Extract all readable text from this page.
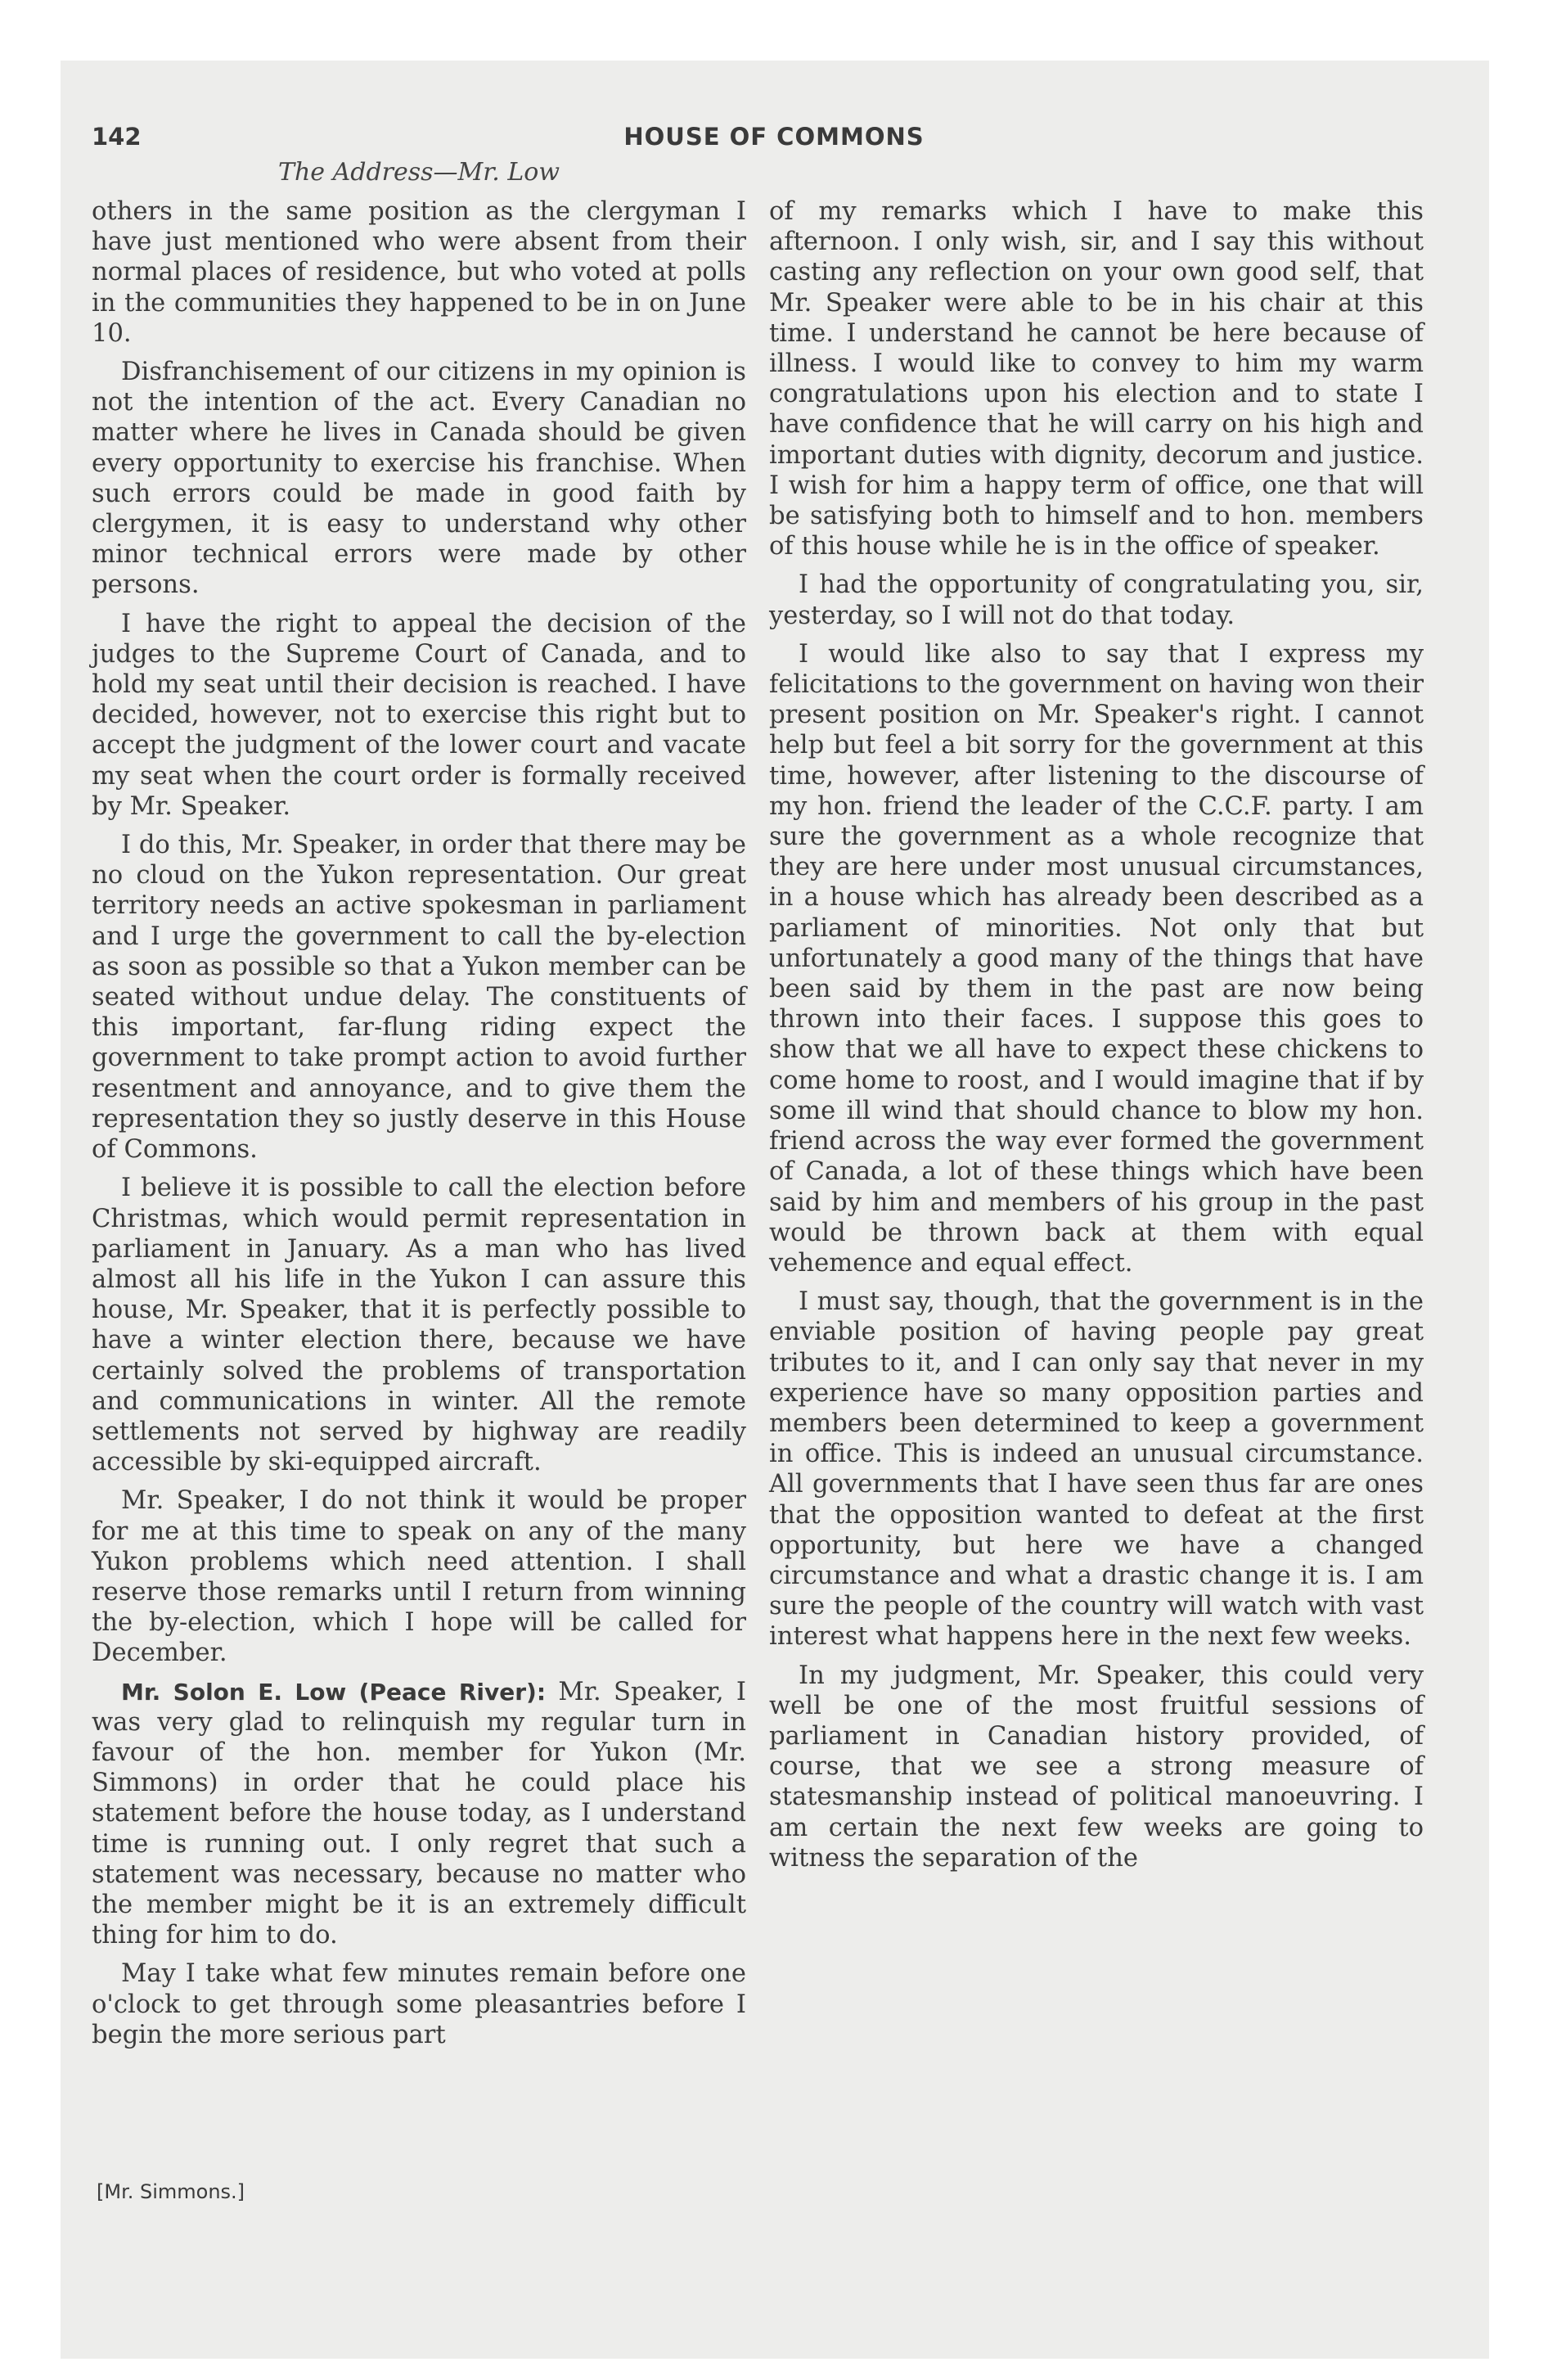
142	HOUSE OF COMMONS
The Address—Mr. Low

others in the same position as the clergyman I have just mentioned who were absent from their normal places of residence, but who voted at polls in the communities they happened to be in on June 10.

Disfranchisement of our citizens in my opinion is not the intention of the act. Every Canadian no matter where he lives in Canada should be given every opportunity to exercise his franchise. When such errors could be made in good faith by clergymen, it is easy to understand why other minor technical errors were made by other persons.

I have the right to appeal the decision of the judges to the Supreme Court of Canada, and to hold my seat until their decision is reached. I have decided, however, not to exercise this right but to accept the judgment of the lower court and vacate my seat when the court order is formally received by Mr. Speaker.

I do this, Mr. Speaker, in order that there may be no cloud on the Yukon representation. Our great territory needs an active spokesman in parliament and I urge the government to call the by-election as soon as possible so that a Yukon member can be seated without undue delay. The constituents of this important, far-flung riding expect the government to take prompt action to avoid further resentment and annoyance, and to give them the representation they so justly deserve in this House of Commons.

I believe it is possible to call the election before Christmas, which would permit representation in parliament in January. As a man who has lived almost all his life in the Yukon I can assure this house, Mr. Speaker, that it is perfectly possible to have a winter election there, because we have certainly solved the problems of transportation and communications in winter. All the remote settlements not served by highway are readily accessible by ski-equipped aircraft.

Mr. Speaker, I do not think it would be proper for me at this time to speak on any of the many Yukon problems which need attention. I shall reserve those remarks until I return from winning the by-election, which I hope will be called for December.

Mr. Solon E. Low (Peace River): Mr. Speaker, I was very glad to relinquish my regular turn in favour of the hon. member for Yukon (Mr. Simmons) in order that he could place his statement before the house today, as I understand time is running out. I only regret that such a statement was necessary, because no matter who the member might be it is an extremely difficult thing for him to do.

May I take what few minutes remain before one o'clock to get through some pleasantries before I begin the more serious part

of my remarks which I have to make this afternoon. I only wish, sir, and I say this without casting any reflection on your own good self, that Mr. Speaker were able to be in his chair at this time. I understand he cannot be here because of illness. I would like to convey to him my warm congratulations upon his election and to state I have confidence that he will carry on his high and important duties with dignity, decorum and justice. I wish for him a happy term of office, one that will be satisfying both to himself and to hon. members of this house while he is in the office of speaker.

I had the opportunity of congratulating you, sir, yesterday, so I will not do that today.

I would like also to say that I express my felicitations to the government on having won their present position on Mr. Speaker's right. I cannot help but feel a bit sorry for the government at this time, however, after listening to the discourse of my hon. friend the leader of the C.C.F. party. I am sure the government as a whole recognize that they are here under most unusual circumstances, in a house which has already been described as a parliament of minorities. Not only that but unfortunately a good many of the things that have been said by them in the past are now being thrown into their faces. I suppose this goes to show that we all have to expect these chickens to come home to roost, and I would imagine that if by some ill wind that should chance to blow my hon. friend across the way ever formed the government of Canada, a lot of these things which have been said by him and members of his group in the past would be thrown back at them with equal vehemence and equal effect.

I must say, though, that the government is in the enviable position of having people pay great tributes to it, and I can only say that never in my experience have so many opposition parties and members been determined to keep a government in office. This is indeed an unusual circumstance. All governments that I have seen thus far are ones that the opposition wanted to defeat at the first opportunity, but here we have a changed circumstance and what a drastic change it is. I am sure the people of the country will watch with vast interest what happens here in the next few weeks.

In my judgment, Mr. Speaker, this could very well be one of the most fruitful sessions of parliament in Canadian history provided, of course, that we see a strong measure of statesmanship instead of political manoeuvring. I am certain the next few weeks are going to witness the separation of the

[Mr. Simmons.]
